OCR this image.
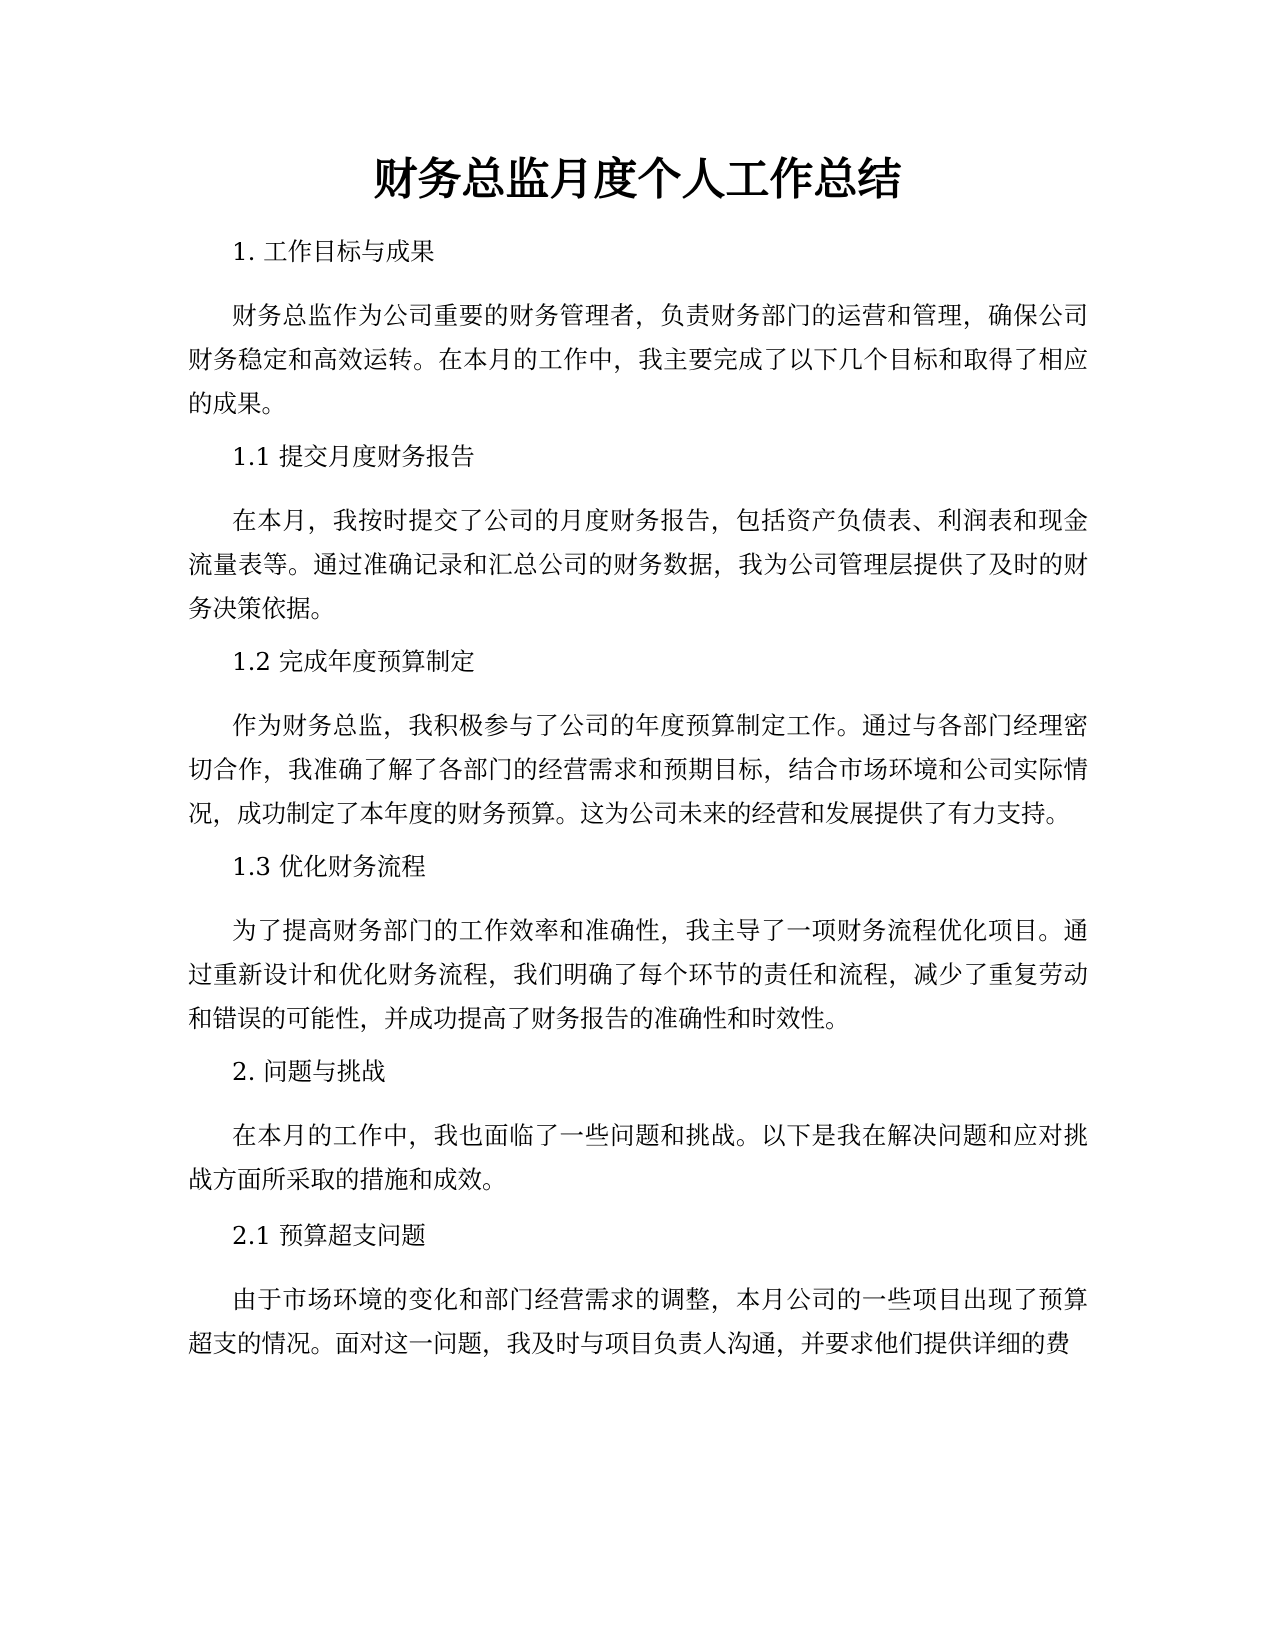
财务总监月度个人工作总结

1. 工作目标与成果

财务总监作为公司重要的财务管理者，负责财务部门的运营和管理，确保公司财务稳定和高效运转。在本月的工作中，我主要完成了以下几个目标和取得了相应的成果。

1.1 提交月度财务报告

在本月，我按时提交了公司的月度财务报告，包括资产负债表、利润表和现金流量表等。通过准确记录和汇总公司的财务数据，我为公司管理层提供了及时的财务决策依据。

1.2 完成年度预算制定

作为财务总监，我积极参与了公司的年度预算制定工作。通过与各部门经理密切合作，我准确了解了各部门的经营需求和预期目标，结合市场环境和公司实际情况，成功制定了本年度的财务预算。这为公司未来的经营和发展提供了有力支持。

1.3 优化财务流程

为了提高财务部门的工作效率和准确性，我主导了一项财务流程优化项目。通过重新设计和优化财务流程，我们明确了每个环节的责任和流程，减少了重复劳动和错误的可能性，并成功提高了财务报告的准确性和时效性。

2. 问题与挑战

在本月的工作中，我也面临了一些问题和挑战。以下是我在解决问题和应对挑战方面所采取的措施和成效。

2.1 预算超支问题

由于市场环境的变化和部门经营需求的调整，本月公司的一些项目出现了预算超支的情况。面对这一问题，我及时与项目负责人沟通，并要求他们提供详细的费
